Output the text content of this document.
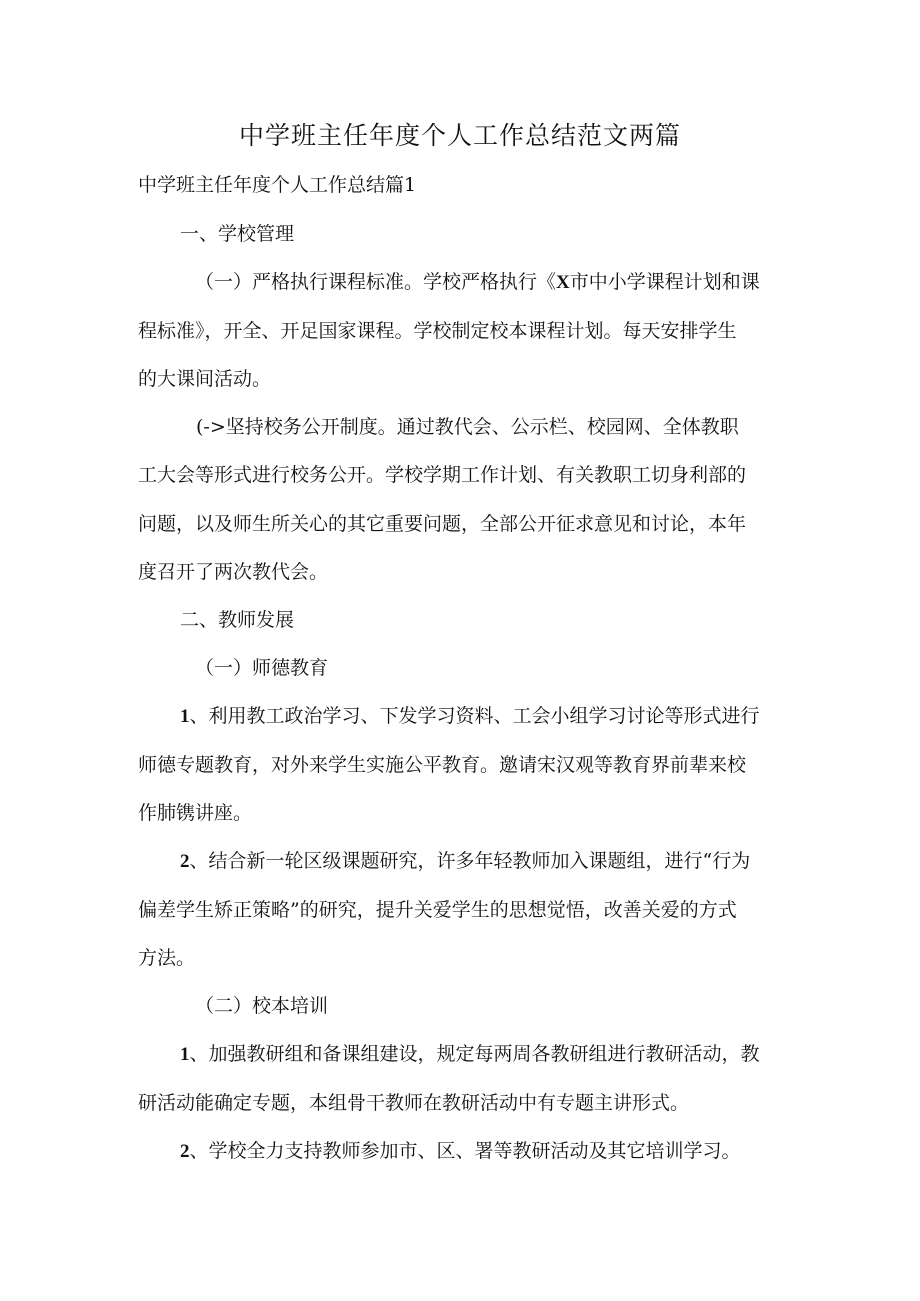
中学班主任年度个人工作总结范文两篇
中学班主任年度个人工作总结篇1
一、学校管理
（一）严格执行课程标准。学校严格执行《X市中小学课程计划和课
程标准》，开全、开足国家课程。学校制定校本课程计划。每天安排学生
的大课间活动。
(->坚持校务公开制度。通过教代会、公示栏、校园网、全体教职
工大会等形式进行校务公开。学校学期工作计划、有关教职工切身利部的
问题，以及师生所关心的其它重要问题，全部公开征求意见和讨论，本年
度召开了两次教代会。
二、教师发展
（一）师德教育
1、利用教工政治学习、下发学习资料、工会小组学习讨论等形式进行
师德专题教育，对外来学生实施公平教育。邀请宋汉观等教育界前辈来校
作肺镌讲座。
2、结合新一轮区级课题研究，许多年轻教师加入课题组，进行“行为
偏差学生矫正策略”的研究，提升关爱学生的思想觉悟，改善关爱的方式
方法。
（二）校本培训
1、加强教研组和备课组建设，规定每两周各教研组进行教研活动，教
研活动能确定专题，本组骨干教师在教研活动中有专题主讲形式。
2、学校全力支持教师参加市、区、署等教研活动及其它培训学习。
